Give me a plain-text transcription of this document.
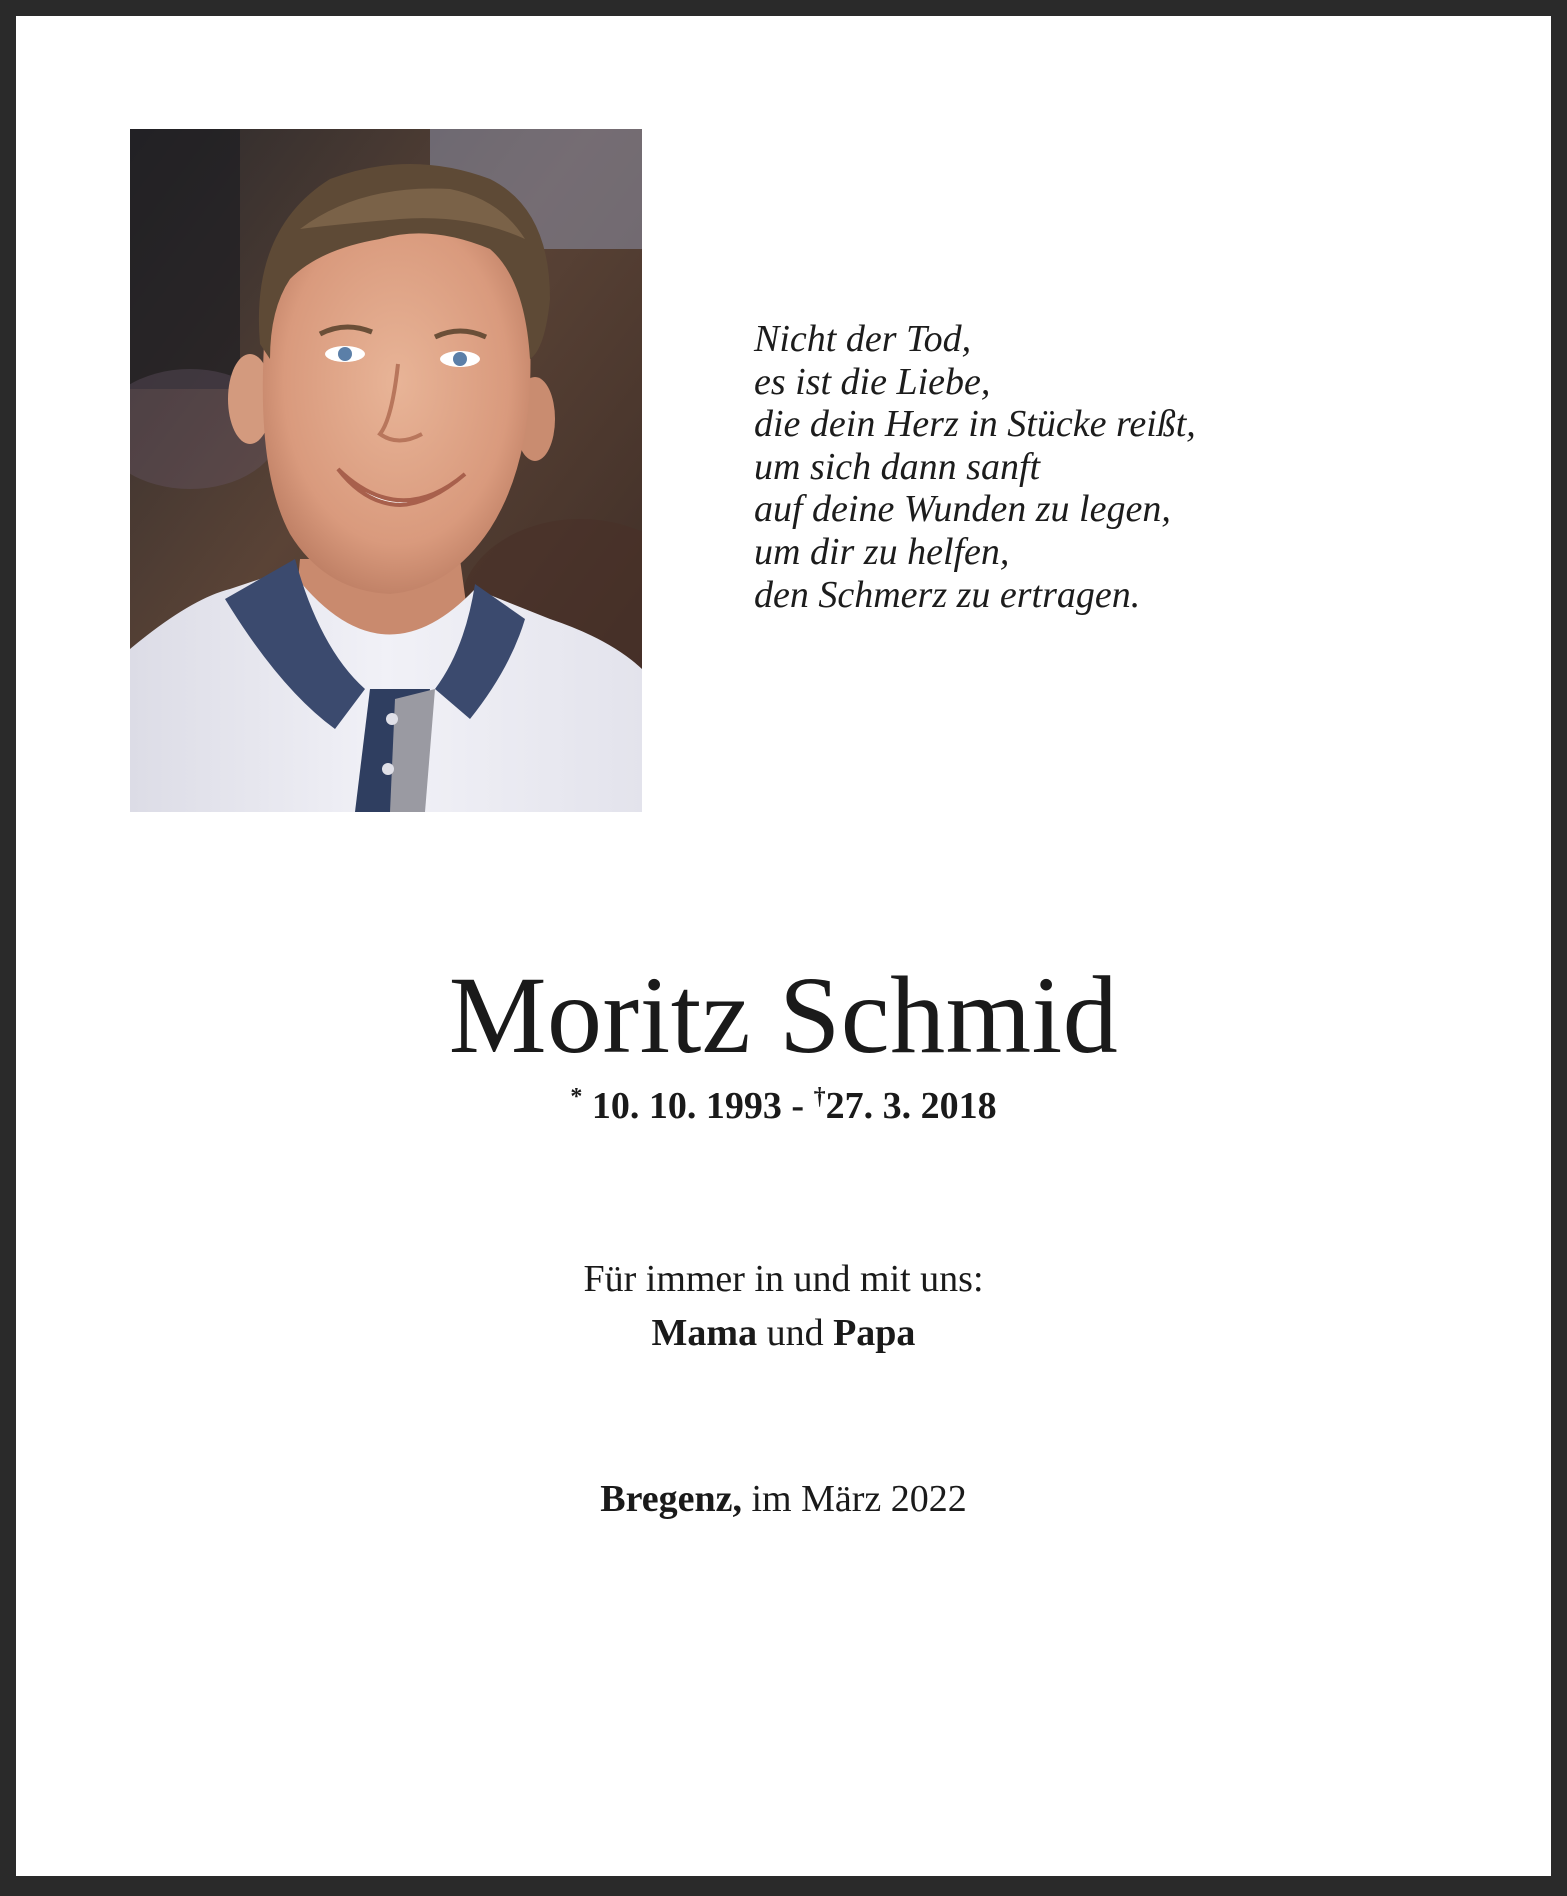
Nicht der Tod,
es ist die Liebe,
die dein Herz in Stücke reißt,
um sich dann sanft
auf deine Wunden zu legen,
um dir zu helfen,
den Schmerz zu ertragen.
Moritz Schmid
* 10. 10. 1993 - †27. 3. 2018
Für immer in und mit uns:
Mama und Papa
Bregenz, im März 2022
